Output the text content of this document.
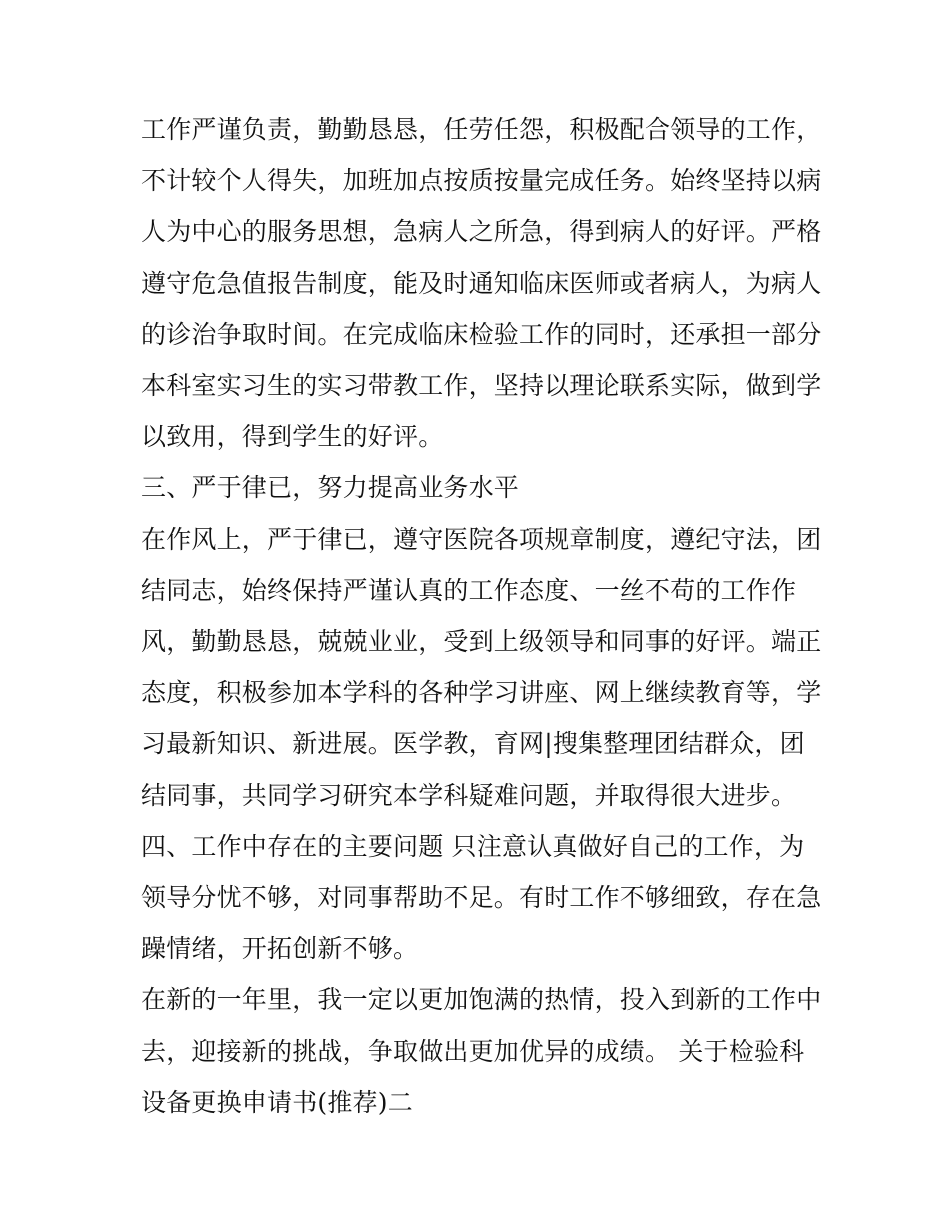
工作严谨负责，勤勤恳恳，任劳任怨，积极配合领导的工作，
不计较个人得失，加班加点按质按量完成任务。始终坚持以病
人为中心的服务思想，急病人之所急，得到病人的好评。严格
遵守危急值报告制度，能及时通知临床医师或者病人，为病人
的诊治争取时间。在完成临床检验工作的同时，还承担一部分
本科室实习生的实习带教工作，坚持以理论联系实际，做到学
以致用，得到学生的好评。
三、严于律已，努力提高业务水平
在作风上，严于律已，遵守医院各项规章制度，遵纪守法，团
结同志，始终保持严谨认真的工作态度、一丝不苟的工作作
风，勤勤恳恳，兢兢业业，受到上级领导和同事的好评。端正
态度，积极参加本学科的各种学习讲座、网上继续教育等，学
习最新知识、新进展。医学教，育网|搜集整理团结群众，团
结同事，共同学习研究本学科疑难问题，并取得很大进步。
四、工作中存在的主要问题 只注意认真做好自己的工作，为
领导分忧不够，对同事帮助不足。有时工作不够细致，存在急
躁情绪，开拓创新不够。
在新的一年里，我一定以更加饱满的热情，投入到新的工作中
去，迎接新的挑战，争取做出更加优异的成绩。 关于检验科
设备更换申请书(推荐)二
